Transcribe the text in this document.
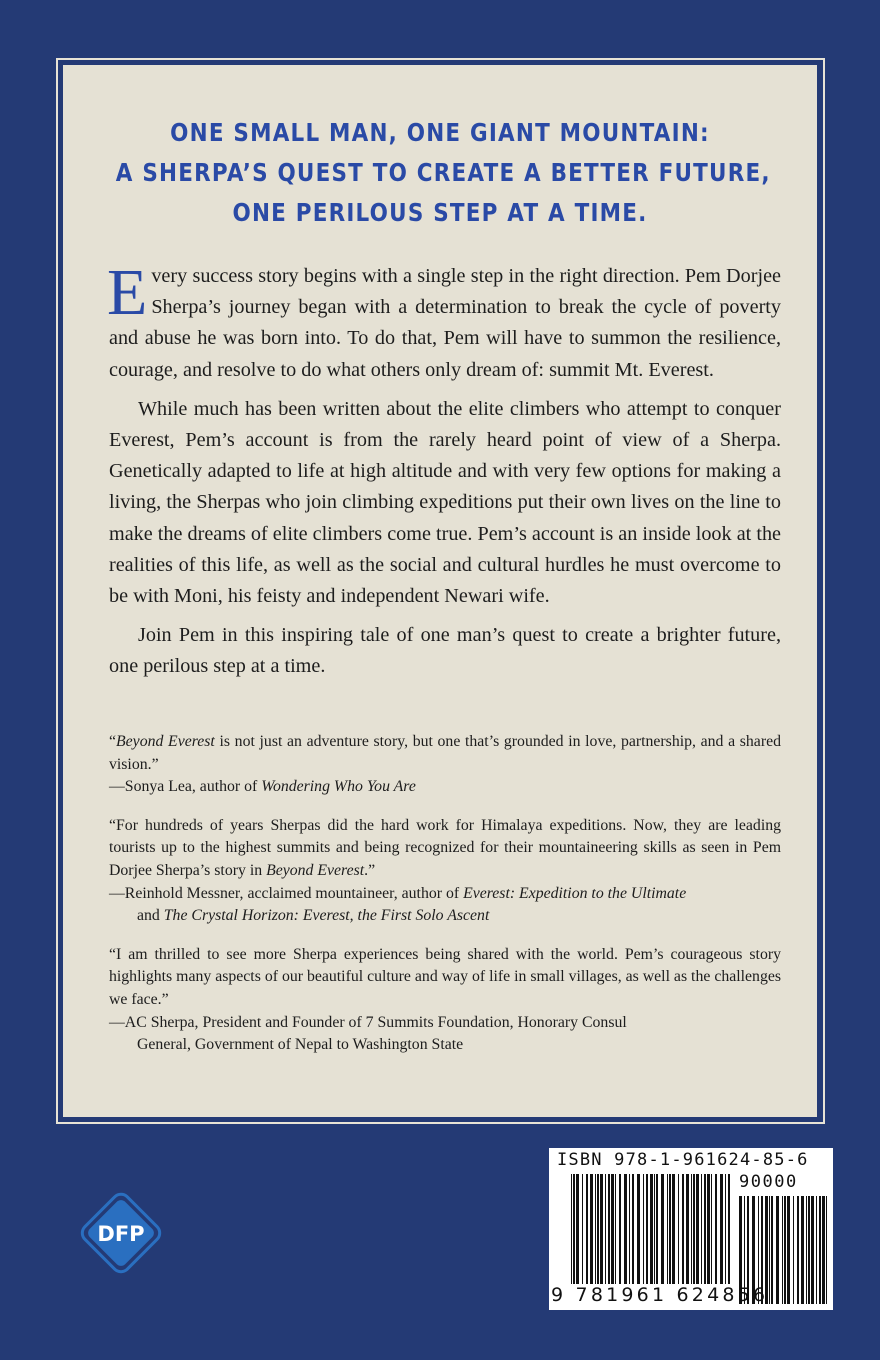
ONE SMALL MAN, ONE GIANT MOUNTAIN:
A SHERPA’S QUEST TO CREATE A BETTER FUTURE,
ONE PERILOUS STEP AT A TIME.

Every success story begins with a single step in the right direction. Pem Dorjee Sherpa’s journey began with a determination to break the cycle of poverty and abuse he was born into. To do that, Pem will have to summon the resilience, courage, and resolve to do what others only dream of: summit Mt. Everest.

While much has been written about the elite climbers who attempt to conquer Everest, Pem’s account is from the rarely heard point of view of a Sherpa. Genetically adapted to life at high altitude and with very few options for making a living, the Sherpas who join climbing expeditions put their own lives on the line to make the dreams of elite climbers come true. Pem’s account is an inside look at the realities of this life, as well as the social and cultural hurdles he must overcome to be with Moni, his feisty and independent Newari wife.

Join Pem in this inspiring tale of one man’s quest to create a brighter future, one perilous step at a time.

“Beyond Everest is not just an adventure story, but one that’s grounded in love, partnership, and a shared vision.”
—Sonya Lea, author of Wondering Who You Are
“For hundreds of years Sherpas did the hard work for Himalaya expeditions. Now, they are leading tourists up to the highest summits and being recognized for their mountaineering skills as seen in Pem Dorjee Sherpa’s story in Beyond Everest.”
—Reinhold Messner, acclaimed mountaineer, author of Everest: Expedition to the Ultimate
and The Crystal Horizon: Everest, the First Solo Ascent
“I am thrilled to see more Sherpa experiences being shared with the world. Pem’s courageous story highlights many aspects of our beautiful culture and way of life in small villages, as well as the challenges we face.”
—AC Sherpa, President and Founder of 7 Summits Foundation, Honorary Consul
General, Government of Nepal to Washington State
DFP
ISBN 978-1-961624-85-6
90000
9 781961 624856
